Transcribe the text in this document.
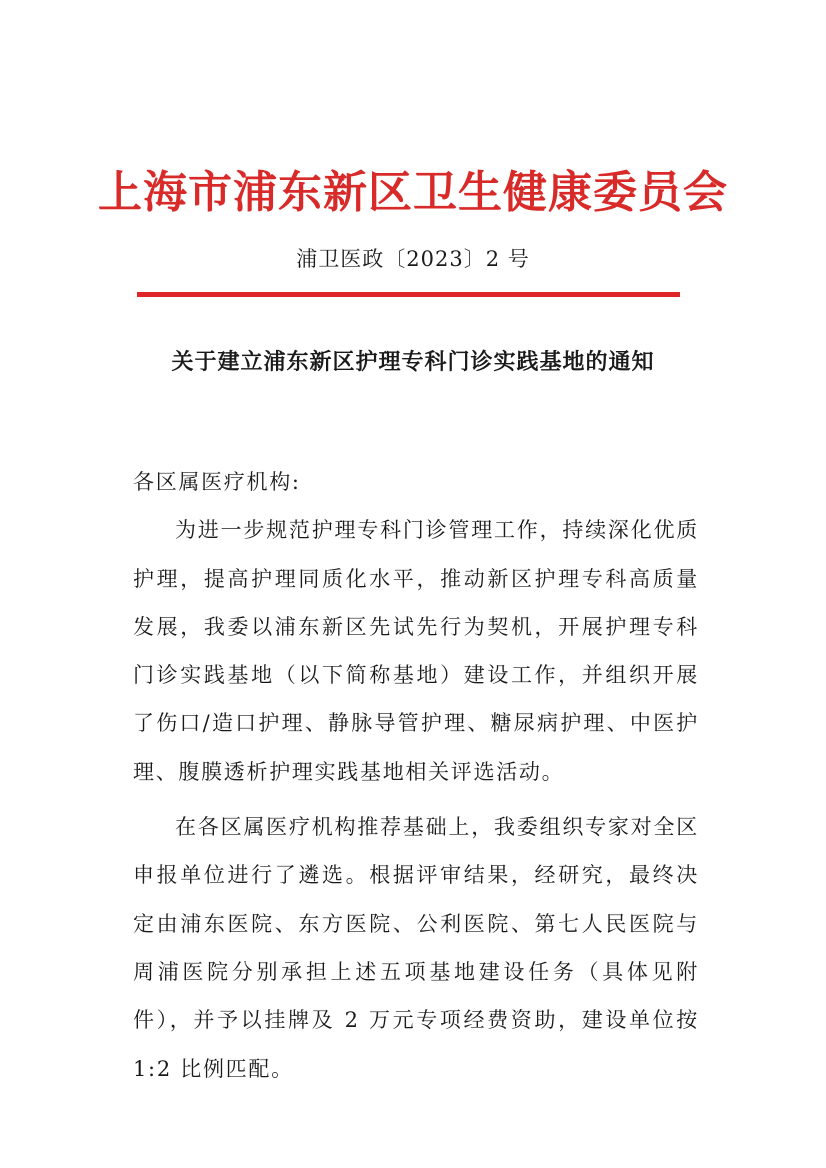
上海市浦东新区卫生健康委员会
浦卫医政〔2023〕2 号
关于建立浦东新区护理专科门诊实践基地的通知

各区属医疗机构:

为进一步规范护理专科门诊管理工作，持续深化优质护理，提高护理同质化水平，推动新区护理专科高质量发展，我委以浦东新区先试先行为契机，开展护理专科门诊实践基地（以下简称基地）建设工作，并组织开展了伤口/造口护理、静脉导管护理、糖尿病护理、中医护理、腹膜透析护理实践基地相关评选活动。

在各区属医疗机构推荐基础上，我委组织专家对全区申报单位进行了遴选。根据评审结果，经研究，最终决定由浦东医院、东方医院、公利医院、第七人民医院与周浦医院分别承担上述五项基地建设任务（具体见附件），并予以挂牌及 2 万元专项经费资助，建设单位按 1:2 比例匹配。
